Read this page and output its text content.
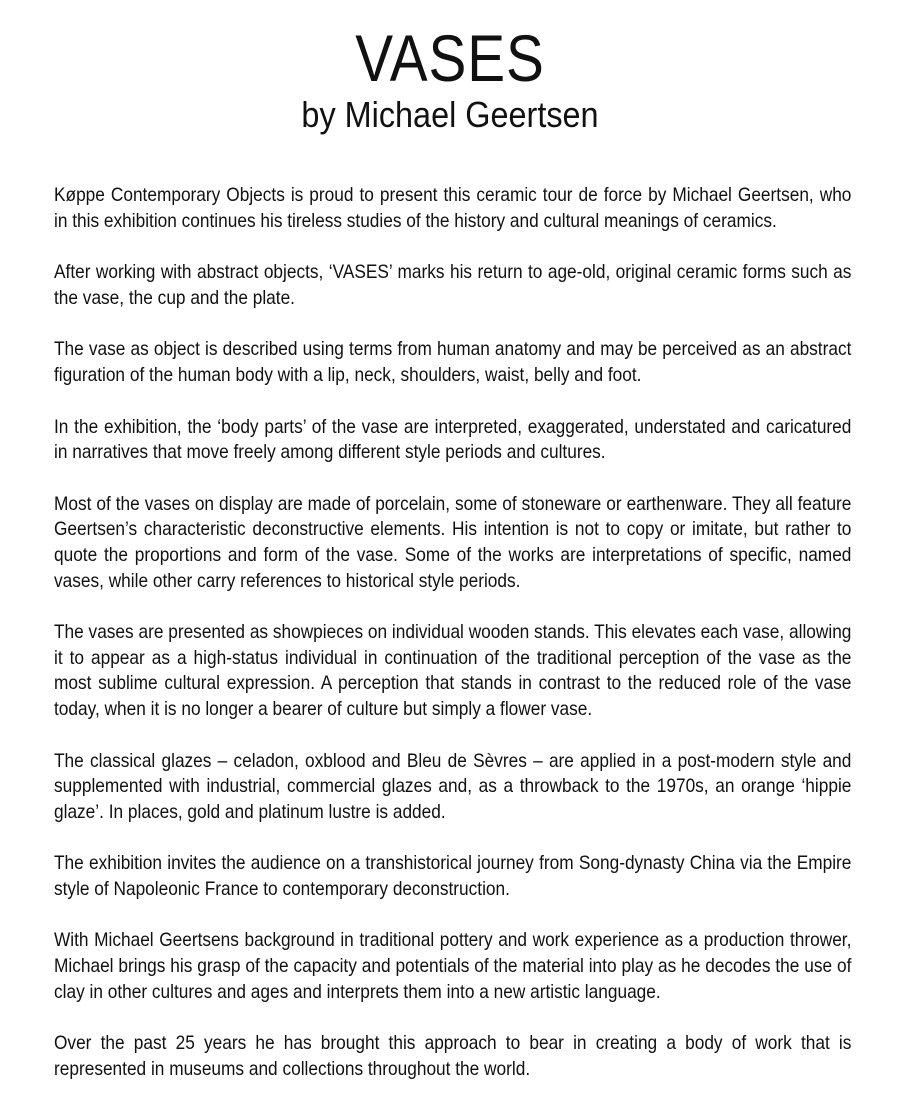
VASES
by Michael Geertsen

Køppe Contemporary Objects is proud to present this ceramic tour de force by Michael Geertsen, who in this exhibition continues his tireless studies of the history and cultural meanings of ceramics.

After working with abstract objects, ‘VASES’ marks his return to age-old, original ceramic forms such as the vase, the cup and the plate.

The vase as object is described using terms from human anatomy and may be perceived as an abstract figuration of the human body with a lip, neck, shoulders, waist, belly and foot.

In the exhibition, the ‘body parts’ of the vase are interpreted, exaggerated, understated and caricatured in narratives that move freely among different style periods and cultures.

Most of the vases on display are made of porcelain, some of stoneware or earthenware. They all feature Geertsen’s characteristic deconstructive elements. His intention is not to copy or imitate, but rather to quote the proportions and form of the vase. Some of the works are interpretations of specific, named vases, while other carry references to historical style periods.

The vases are presented as showpieces on individual wooden stands. This elevates each vase, allowing it to appear as a high-status individual in continuation of the traditional perception of the vase as the most sublime cultural expression. A perception that stands in contrast to the reduced role of the vase today, when it is no longer a bearer of culture but simply a flower vase.

The classical glazes – celadon, oxblood and Bleu de Sèvres – are applied in a post-modern style and supplemented with industrial, commercial glazes and, as a throwback to the 1970s, an orange ‘hippie glaze’. In places, gold and platinum lustre is added.

The exhibition invites the audience on a transhistorical journey from Song-dynasty China via the Empire style of Napoleonic France to contemporary deconstruction.

With Michael Geertsens background in traditional pottery and work experience as a production thrower, Michael brings his grasp of the capacity and potentials of the material into play as he decodes the use of clay in other cultures and ages and interprets them into a new artistic language.

Over the past 25 years he has brought this approach to bear in creating a body of work that is represented in museums and collections throughout the world.
